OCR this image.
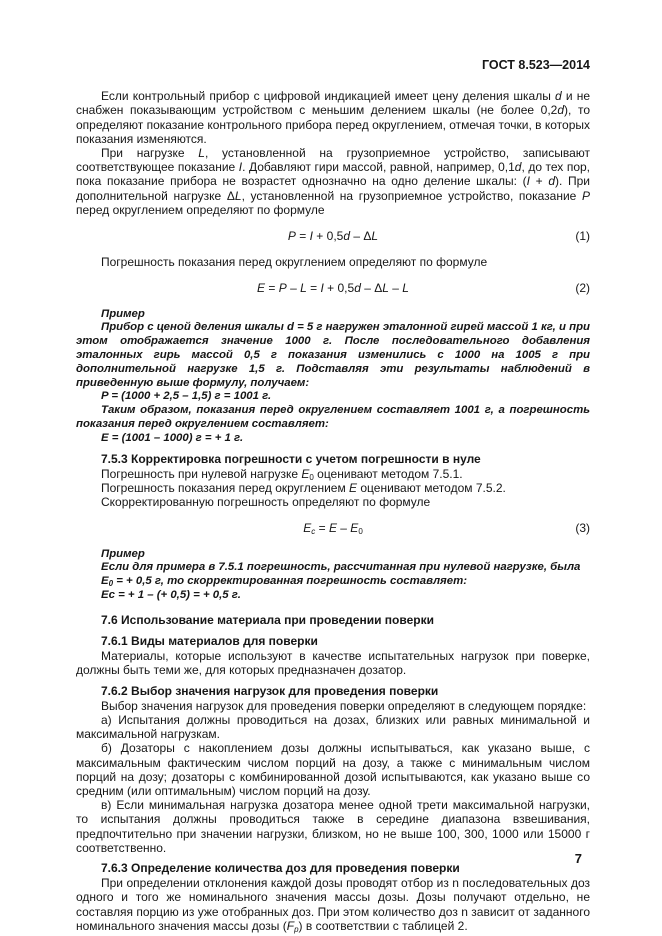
ГОСТ 8.523—2014

Если контрольный прибор с цифровой индикацией имеет цену деления шкалы d и не снабжен показывающим устройством с меньшим делением шкалы (не более 0,2d), то определяют показание контрольного прибора перед округлением, отмечая точки, в которых показания изменяются.

При нагрузке L, установленной на грузоприемное устройство, записывают соответствующее показание I. Добавляют гири массой, равной, например, 0,1d, до тех пор, пока показание прибора не возрастет однозначно на одно деление шкалы: (I + d). При дополнительной нагрузке ΔL, установленной на грузоприемное устройство, показание P перед округлением определяют по формуле

P = I + 0,5d – ΔL	(1)

Погрешность показания перед округлением определяют по формуле

E = P – L = I + 0,5d – ΔL – L	(2)

Пример

Прибор с ценой деления шкалы d = 5 г нагружен эталонной гирей массой 1 кг, и при этом отображается значение 1000 г. После последовательного добавления эталонных гирь массой 0,5 г показания изменились с 1000 на 1005 г при дополнительной нагрузке 1,5 г. Подставляя эти результаты наблюдений в приведенную выше формулу, получаем:

P = (1000 + 2,5 – 1,5) г = 1001 г.

Таким образом, показания перед округлением составляет 1001 г, а погрешность показания перед округлением составляет:

E = (1001 – 1000) г = + 1 г.

7.5.3 Корректировка погрешности с учетом погрешности в нуле

Погрешность при нулевой нагрузке E0 оценивают методом 7.5.1.

Погрешность показания перед округлением E оценивают методом 7.5.2.

Скорректированную погрешность определяют по формуле

Ec = E – E0	(3)

Пример

Если для примера в 7.5.1 погрешность, рассчитанная при нулевой нагрузке, была

E0 = + 0,5 г, то скорректированная погрешность составляет:

Ec = + 1 – (+ 0,5) = + 0,5 г.

7.6 Использование материала при проведении поверки
7.6.1 Виды материалов для поверки

Материалы, которые используют в качестве испытательных нагрузок при поверке, должны быть теми же, для которых предназначен дозатор.

7.6.2 Выбор значения нагрузок для проведения поверки

Выбор значения нагрузок для проведения поверки определяют в следующем порядке:

а) Испытания должны проводиться на дозах, близких или равных минимальной и максимальной нагрузкам.

б) Дозаторы с накоплением дозы должны испытываться, как указано выше, с максимальным фактическим числом порций на дозу, а также с минимальным числом порций на дозу; дозаторы с комбинированной дозой испытываются, как указано выше со средним (или оптимальным) числом порций на дозу.

в) Если минимальная нагрузка дозатора менее одной трети максимальной нагрузки, то испытания должны проводиться также в середине диапазона взвешивания, предпочтительно при значении нагрузки, близком, но не выше 100, 300, 1000 или 15000 г соответственно.

7.6.3 Определение количества доз для проведения поверки

При определении отклонения каждой дозы проводят отбор из n последовательных доз одного и того же номинального значения массы дозы. Дозы получают отдельно, не составляя порцию из уже отобранных доз. При этом количество доз n зависит от заданного номинального значения массы дозы (Fp) в соответствии с таблицей 2.

7
